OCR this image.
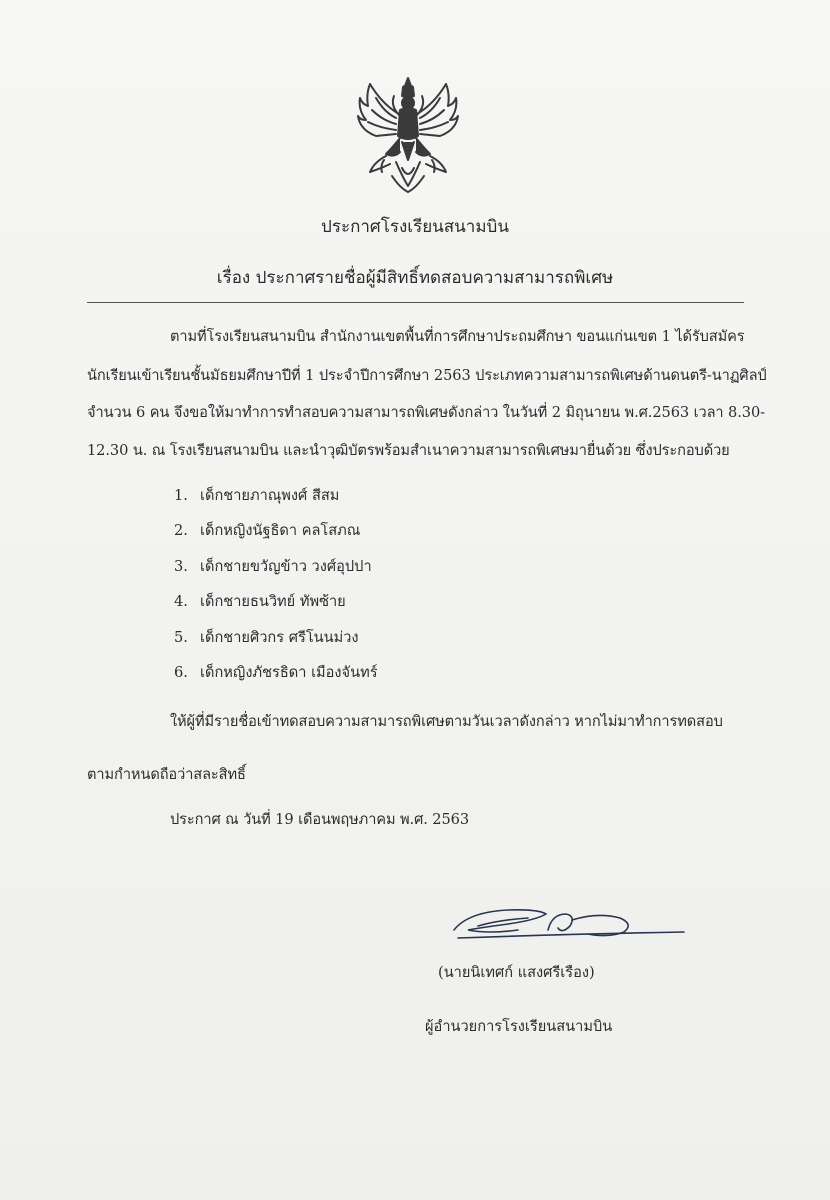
ประกาศโรงเรียนสนามบิน
เรื่อง ประกาศรายชื่อผู้มีสิทธิ์ทดสอบความสามารถพิเศษ
ตามที่โรงเรียนสนามบิน สำนักงานเขตพื้นที่การศึกษาประถมศึกษา ขอนแก่นเขต 1 ได้รับสมัคร
นักเรียนเข้าเรียนชั้นมัธยมศึกษาปีที่ 1 ประจำปีการศึกษา 2563 ประเภทความสามารถพิเศษด้านดนตรี-นาฏศิลป์
จำนวน 6 คน จึงขอให้มาทำการทำสอบความสามารถพิเศษดังกล่าว ในวันที่ 2 มิถุนายน พ.ศ.2563 เวลา 8.30-
12.30 น. ณ โรงเรียนสนามบิน และนำวุฒิบัตรพร้อมสำเนาความสามารถพิเศษมายื่นด้วย ซึ่งประกอบด้วย
1. เด็กชายภาณุพงศ์ สีสม
2. เด็กหญิงนัฐธิดา คลโสภณ
3. เด็กชายขวัญข้าว วงศ์อุปปา
4. เด็กชายธนวิทย์ ทัพซ้าย
5. เด็กชายศิวกร ศรีโนนม่วง
6. เด็กหญิงภัชรธิดา เมืองจันทร์
ให้ผู้ที่มีรายชื่อเข้าทดสอบความสามารถพิเศษตามวันเวลาดังกล่าว หากไม่มาทำการทดสอบ
ตามกำหนดถือว่าสละสิทธิ์
ประกาศ ณ วันที่ 19 เดือนพฤษภาคม พ.ศ. 2563
(นายนิเทศก์ แสงศรีเรือง)
ผู้อำนวยการโรงเรียนสนามบิน
